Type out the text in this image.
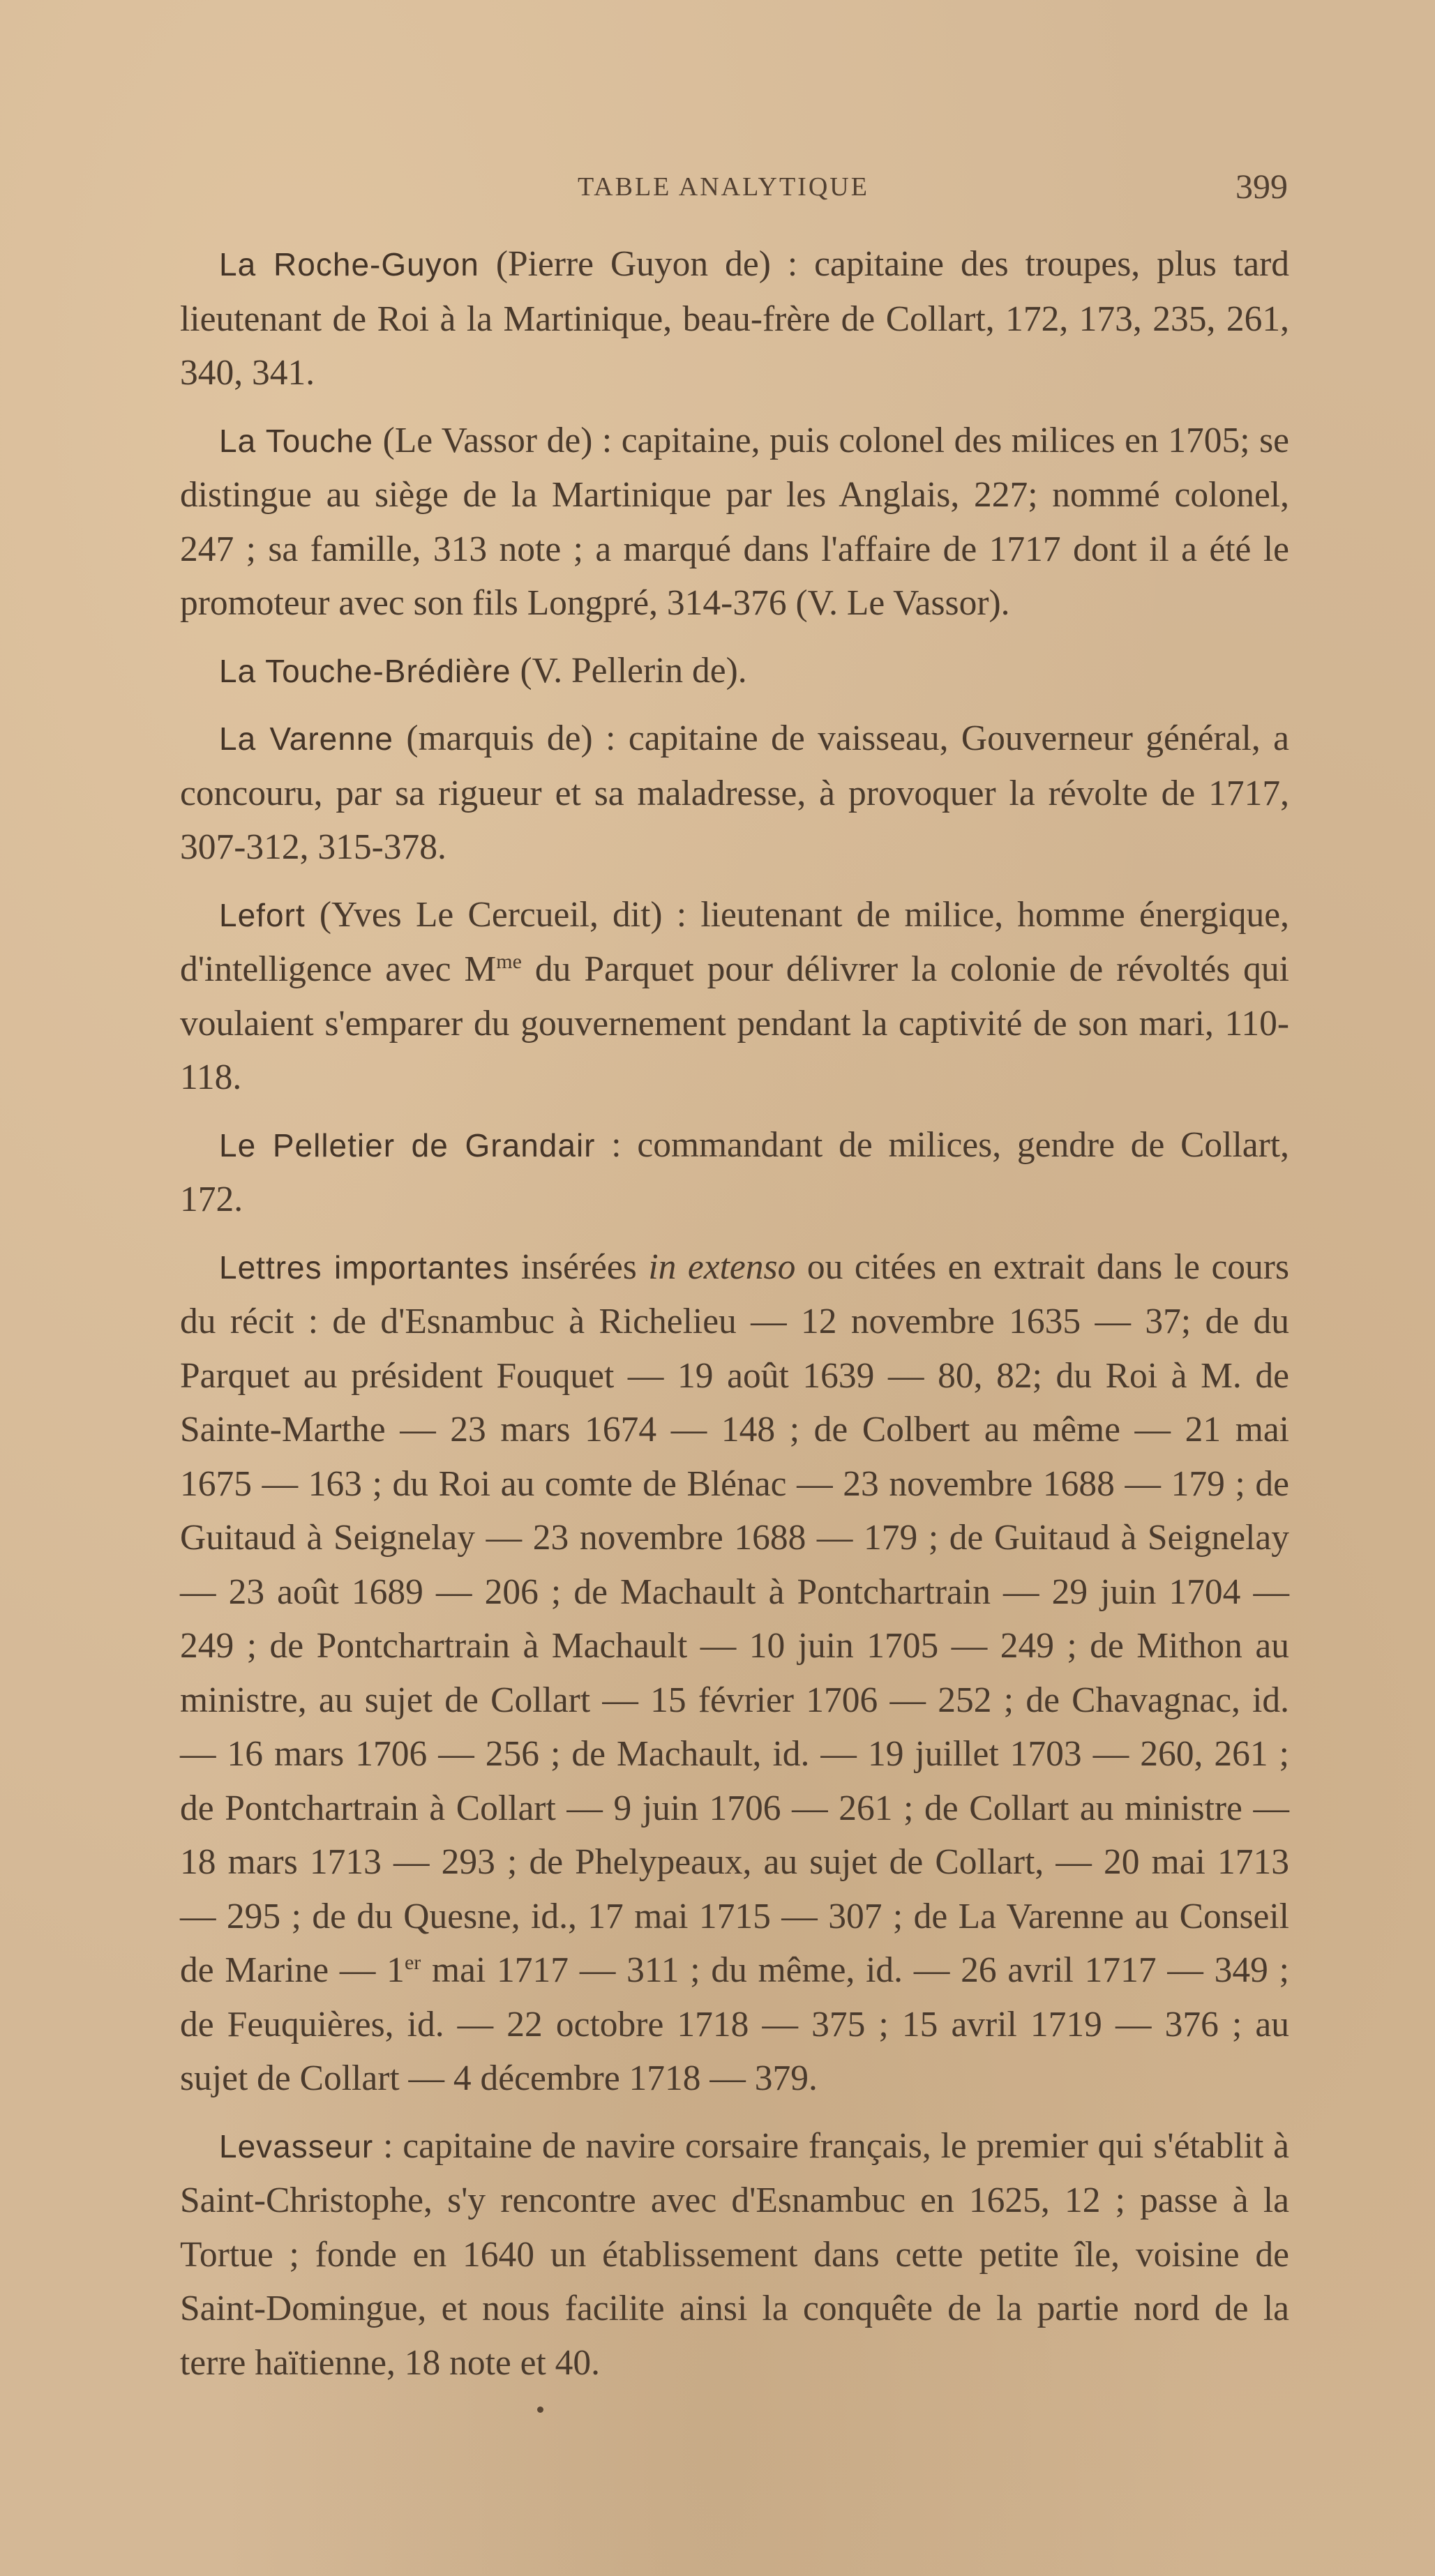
TABLE ANALYTIQUE	399

La Roche-Guyon (Pierre Guyon de) : capitaine des troupes, plus tard lieutenant de Roi à la Martinique, beau-frère de Collart, 172, 173, 235, 261, 340, 341.

La Touche (Le Vassor de) : capitaine, puis colonel des milices en 1705; se distingue au siège de la Martinique par les Anglais, 227; nommé colonel, 247 ; sa famille, 313 note ; a marqué dans l'affaire de 1717 dont il a été le promoteur avec son fils Longpré, 314-376 (V. Le Vassor).

La Touche-Brédière (V. Pellerin de).

La Varenne (marquis de) : capitaine de vaisseau, Gouverneur général, a concouru, par sa rigueur et sa maladresse, à provoquer la révolte de 1717, 307-312, 315-378.

Lefort (Yves Le Cercueil, dit) : lieutenant de milice, homme énergique, d'intelligence avec $M^{me}$ du Parquet pour délivrer la colonie de révoltés qui voulaient s'emparer du gouvernement pendant la captivité de son mari, 110-118.

Le Pelletier de Grandair : commandant de milices, gendre de Collart, 172.

Lettres importantes insérées in extenso ou citées en extrait dans le cours du récit : de d'Esnambuc à Richelieu — 12 novembre 1635 — 37; de du Parquet au président Fouquet — 19 août 1639 — 80, 82; du Roi à M. de Sainte-Marthe — 23 mars 1674 — 148 ; de Colbert au même — 21 mai 1675 — 163 ; du Roi au comte de Blénac — 23 novembre 1688 — 179 ; de Guitaud à Seignelay — 23 novembre 1688 — 179 ; de Guitaud à Seignelay — 23 août 1689 — 206 ; de Machault à Pontchartrain — 29 juin 1704 — 249 ; de Pontchartrain à Machault — 10 juin 1705 — 249 ; de Mithon au ministre, au sujet de Collart — 15 février 1706 — 252 ; de Chavagnac, id. — 16 mars 1706 — 256 ; de Machault, id. — 19 juillet 1703 — 260, 261 ; de Pontchartrain à Collart — 9 juin 1706 — 261 ; de Collart au ministre — 18 mars 1713 — 293 ; de Phelypeaux, au sujet de Collart, — 20 mai 1713 — 295 ; de du Quesne, id., 17 mai 1715 — 307 ; de La Varenne au Conseil de Marine — 1er mai 1717 — 311 ; du même, id. — 26 avril 1717 — 349 ; de Feuquières, id. — 22 octobre 1718 — 375 ; 15 avril 1719 — 376 ; au sujet de Collart — 4 décembre 1718 — 379.

Levasseur : capitaine de navire corsaire français, le premier qui s'établit à Saint-Christophe, s'y rencontre avec d'Esnambuc en 1625, 12 ; passe à la Tortue ; fonde en 1640 un établissement dans cette petite île, voisine de Saint-Domingue, et nous facilite ainsi la conquête de la partie nord de la terre haïtienne, 18 note et 40.
